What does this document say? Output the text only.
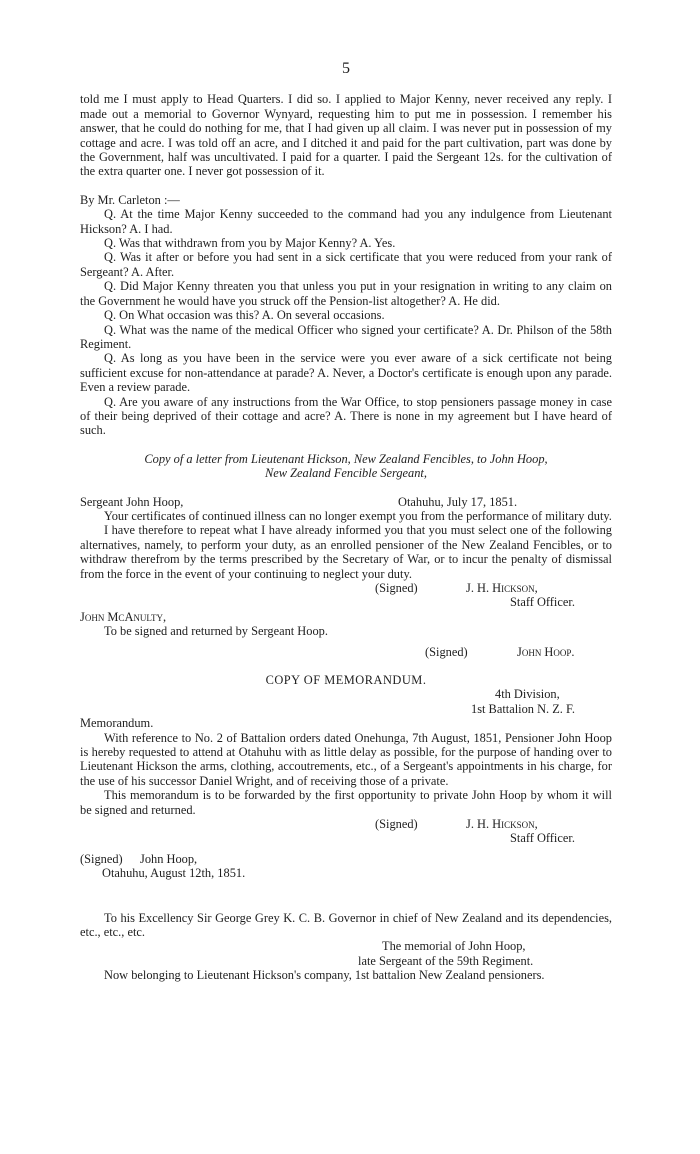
5

told me I must apply to Head Quarters. I did so. I applied to Major Kenny, never received any reply. I made out a memorial to Governor Wynyard, requesting him to put me in possession. I remember his answer, that he could do nothing for me, that I had given up all claim. I was never put in possession of my cottage and acre. I was told off an acre, and I ditched it and paid for the part cultivation, part was done by the Government, half was uncultivated. I paid for a quarter. I paid the Sergeant 12s. for the cultivation of the extra quarter one. I never got possession of it.

By Mr. Carleton :—

Q. At the time Major Kenny succeeded to the command had you any indulgence from Lieutenant Hickson? A. I had.

Q. Was that withdrawn from you by Major Kenny? A. Yes.

Q. Was it after or before you had sent in a sick certificate that you were reduced from your rank of Sergeant? A. After.

Q. Did Major Kenny threaten you that unless you put in your resignation in writing to any claim on the Government he would have you struck off the Pension-list altogether? A. He did.

Q. On What occasion was this? A. On several occasions.

Q. What was the name of the medical Officer who signed your certificate? A. Dr. Philson of the 58th Regiment.

Q. As long as you have been in the service were you ever aware of a sick certificate not being sufficient excuse for non-attendance at parade? A. Never, a Doctor's certificate is enough upon any parade. Even a review parade.

Q. Are you aware of any instructions from the War Office, to stop pensioners passage money in case of their being deprived of their cottage and acre? A. There is none in my agreement but I have heard of such.

Copy of a letter from Lieutenant Hickson, New Zealand Fencibles, to John Hoop,

New Zealand Fencible Sergeant,

Sergeant John Hoop,	Otahuhu, July 17, 1851.

Your certificates of continued illness can no longer exempt you from the performance of military duty.

I have therefore to repeat what I have already informed you that you must select one of the following alternatives, namely, to perform your duty, as an enrolled pensioner of the New Zealand Fencibles, or to withdraw therefrom by the terms prescribed by the Secretary of War, or to incur the penalty of dismissal from the force in the event of your continuing to neglect your duty.

(Signed)	J. H. Hickson,
Staff Officer.

John McAnulty,

To be signed and returned by Sergeant Hoop.

(Signed)	John Hoop.
COPY OF MEMORANDUM.
4th Division,
1st Battalion N. Z. F.

Memorandum.

With reference to No. 2 of Battalion orders dated Onehunga, 7th August, 1851, Pensioner John Hoop is hereby requested to attend at Otahuhu with as little delay as possible, for the purpose of handing over to Lieutenant Hickson the arms, clothing, accoutrements, etc., of a Sergeant's appointments in his charge, for the use of his successor Daniel Wright, and of receiving those of a private.

This memorandum is to be forwarded by the first opportunity to private John Hoop by whom it will be signed and returned.

(Signed)	J. H. Hickson,
Staff Officer.
(Signed) John Hoop,
Otahuhu, August 12th, 1851.

To his Excellency Sir George Grey K. C. B. Governor in chief of New Zealand and its dependencies, etc., etc., etc.

The memorial of John Hoop,
late Sergeant of the 59th Regiment.

Now belonging to Lieutenant Hickson's company, 1st battalion New Zealand pensioners.
